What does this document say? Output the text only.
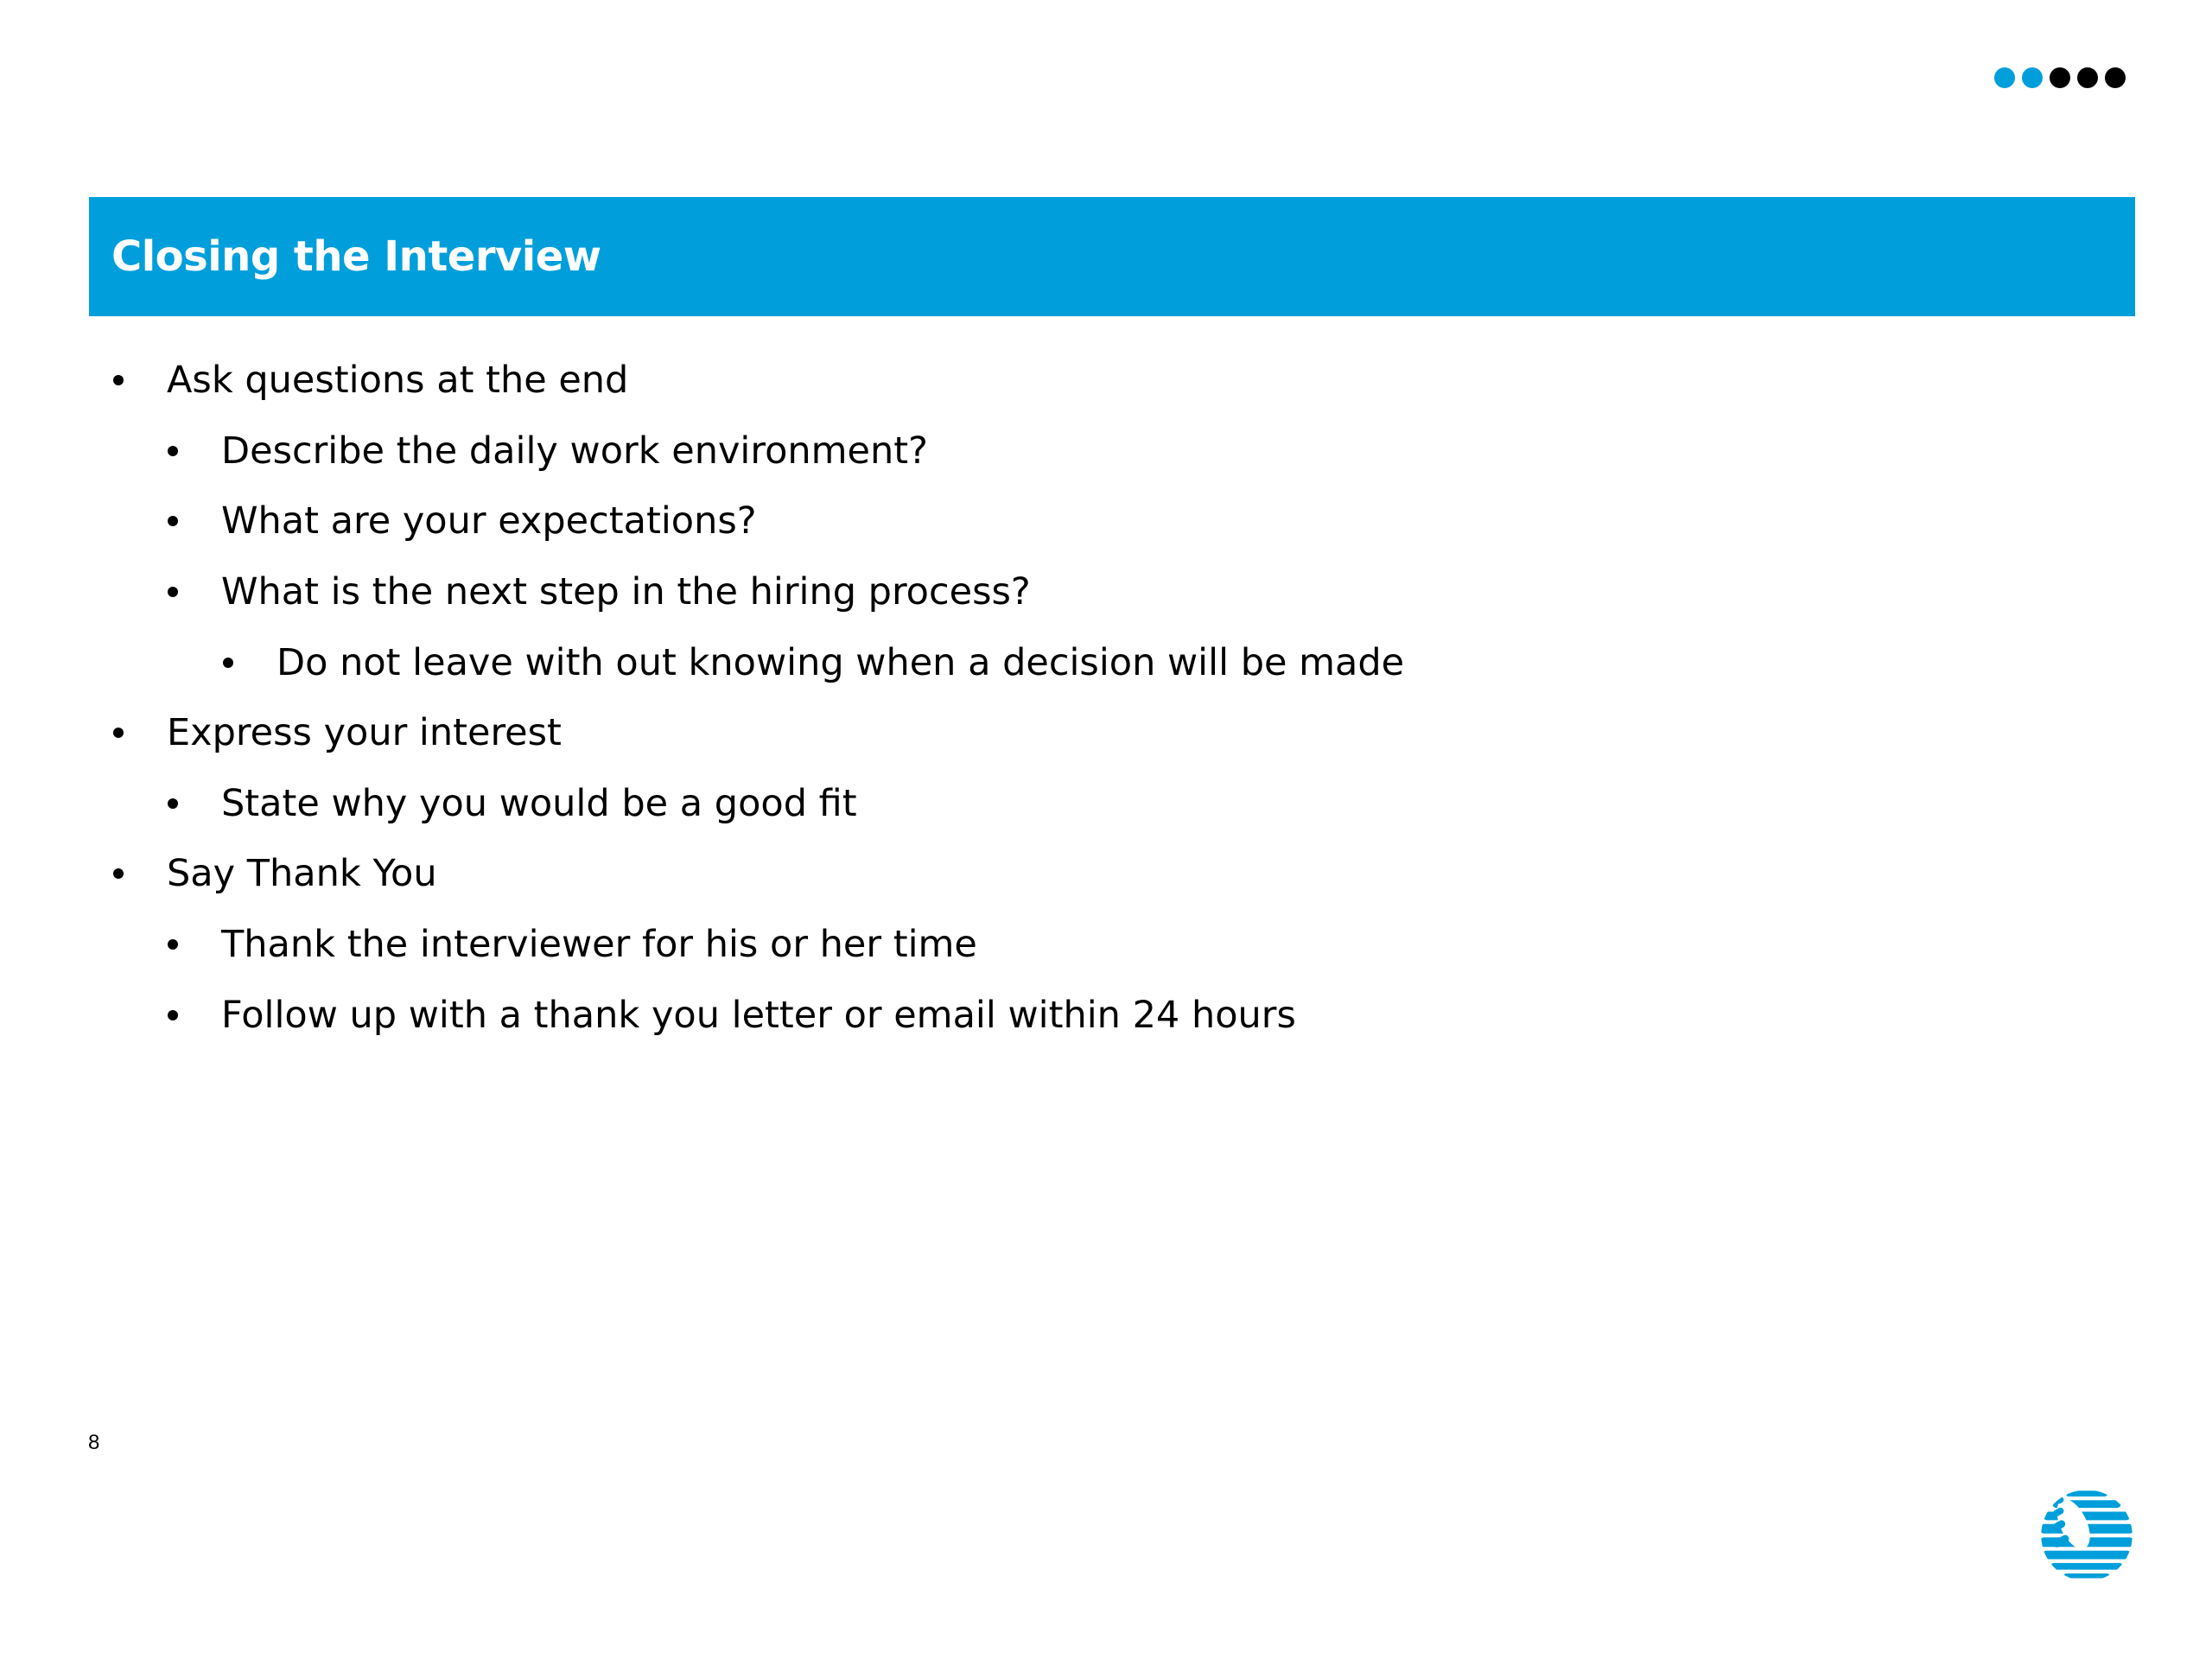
Closing the Interview
Ask questions at the end
Describe the daily work environment?
What are your expectations?
What is the next step in the hiring process?
Do not leave with out knowing when a decision will be made
Express your interest
State why you would be a good fit
Say Thank You
Thank the interviewer for his or her time
Follow up with a thank you letter or email within 24 hours
8
